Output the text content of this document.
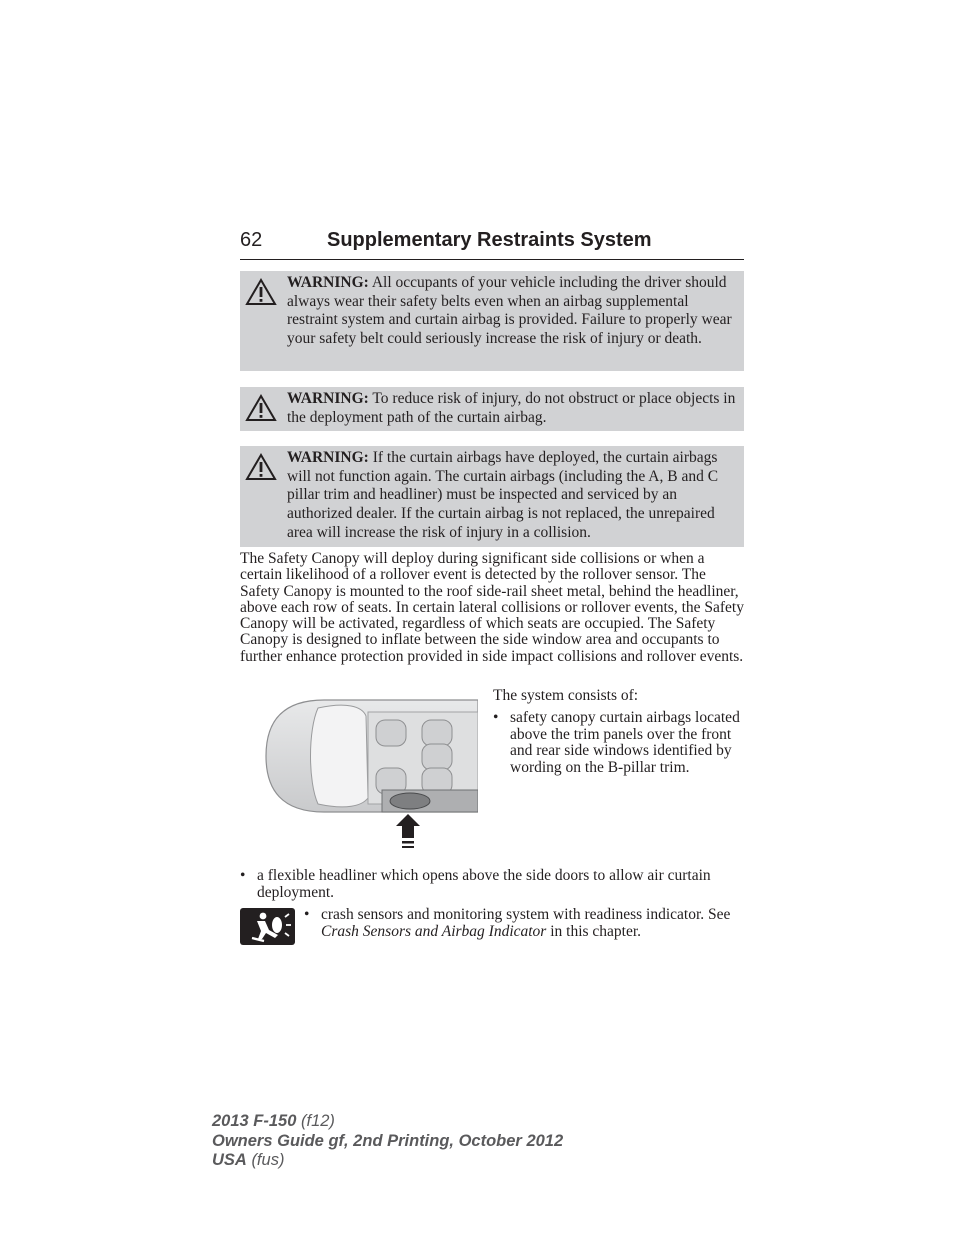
62	Supplementary Restraints System

WARNING: All occupants of your vehicle including the driver should always wear their safety belts even when an airbag supplemental restraint system and curtain airbag is provided. Failure to properly wear your safety belt could seriously increase the risk of injury or death.

WARNING: To reduce risk of injury, do not obstruct or place objects in the deployment path of the curtain airbag.

WARNING: If the curtain airbags have deployed, the curtain airbags will not function again. The curtain airbags (including the A, B and C pillar trim and headliner) must be inspected and serviced by an authorized dealer. If the curtain airbag is not replaced, the unrepaired area will increase the risk of injury in a collision.

The Safety Canopy will deploy during significant side collisions or when a certain likelihood of a rollover event is detected by the rollover sensor. The Safety Canopy is mounted to the roof side-rail sheet metal, behind the headliner, above each row of seats. In certain lateral collisions or rollover events, the Safety Canopy will be activated, regardless of which seats are occupied. The Safety Canopy is designed to inflate between the side window area and occupants to further enhance protection provided in side impact collisions and rollover events.

The system consists of:

• safety canopy curtain airbags located above the trim panels over the front and rear side windows identified by wording on the B-pillar trim.
• a flexible headliner which opens above the side doors to allow air curtain deployment.
• crash sensors and monitoring system with readiness indicator. See Crash Sensors and Airbag Indicator in this chapter.
2013 F-150 (f12)
Owners Guide gf, 2nd Printing, October 2012
USA (fus)
